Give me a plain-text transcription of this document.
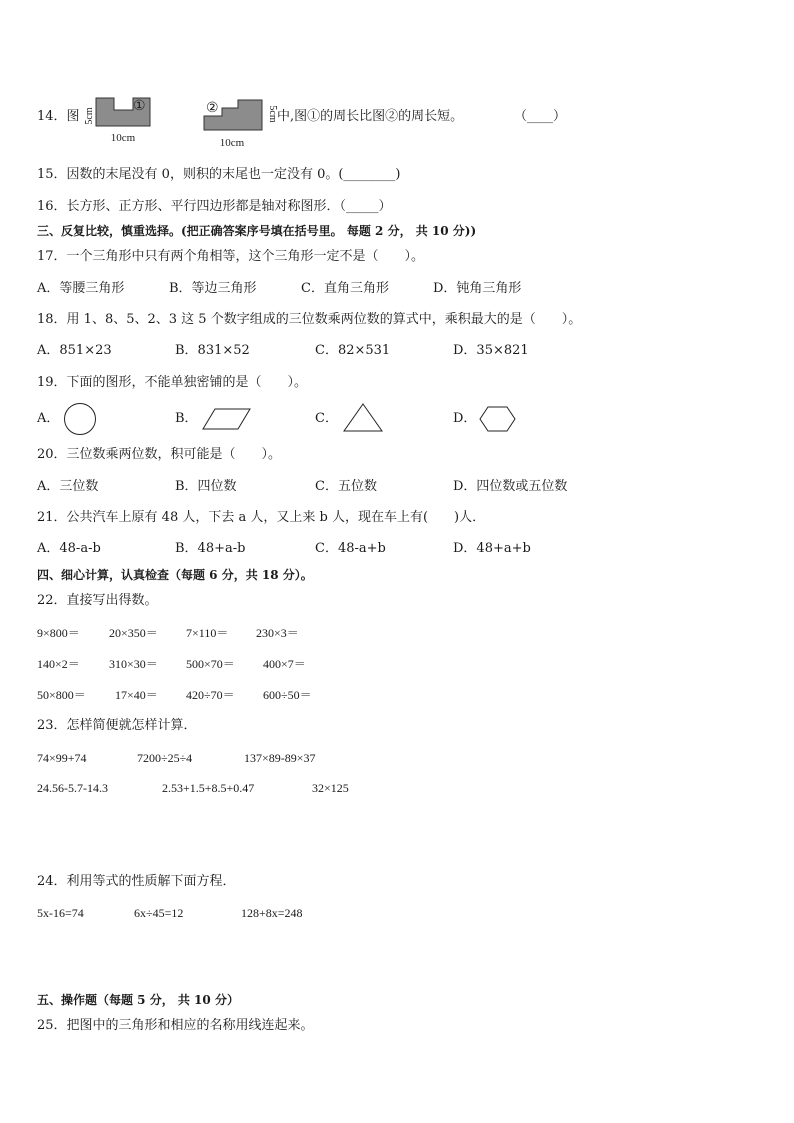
14．图
①
5cm
10cm
②	5cm
10cm
中,图①的周长比图②的周长短。	（____）
15．因数的末尾没有 0，则积的末尾也一定没有 0。(________)
16．长方形、正方形、平行四边形都是轴对称图形．（_____）
三、反复比较，慎重选择。(把正确答案序号填在括号里。 每题 2 分， 共 10 分))
17．一个三角形中只有两个角相等，这个三角形一定不是（　　）。
A．等腰三角形	B．等边三角形	C．直角三角形	D．钝角三角形
18．用 1、8、5、2、3 这 5 个数字组成的三位数乘两位数的算式中，乘积最大的是（　　）。
A．851×23	B．831×52	C．82×531	D．35×821
19．下面的图形，不能单独密铺的是（　　）。
A．	B．	C．	D．
20．三位数乘两位数，积可能是（　　）。
A．三位数	B．四位数	C．五位数	D．四位数或五位数
21．公共汽车上原有 48 人，下去 a 人，又上来 b 人，现在车上有(　　)人．
A．48-a-b	B．48+a-b	C．48-a+b	D．48+a+b
四、细心计算，认真检查（每题 6 分，共 18 分）。
22．直接写出得数。
9×800＝ 20×350＝ 7×110＝ 230×3＝
140×2＝ 310×30＝ 500×70＝ 400×7＝
50×800＝ 17×40＝ 420÷70＝ 600÷50＝
23．怎样简便就怎样计算．
74×99+74	7200÷25÷4	137×89-89×37
24.56-5.7-14.3	2.53+1.5+8.5+0.47	32×125
24．利用等式的性质解下面方程．
5x-16=74	6x÷45=12	128+8x=248
五、操作题（每题 5 分， 共 10 分）
25．把图中的三角形和相应的名称用线连起来。
